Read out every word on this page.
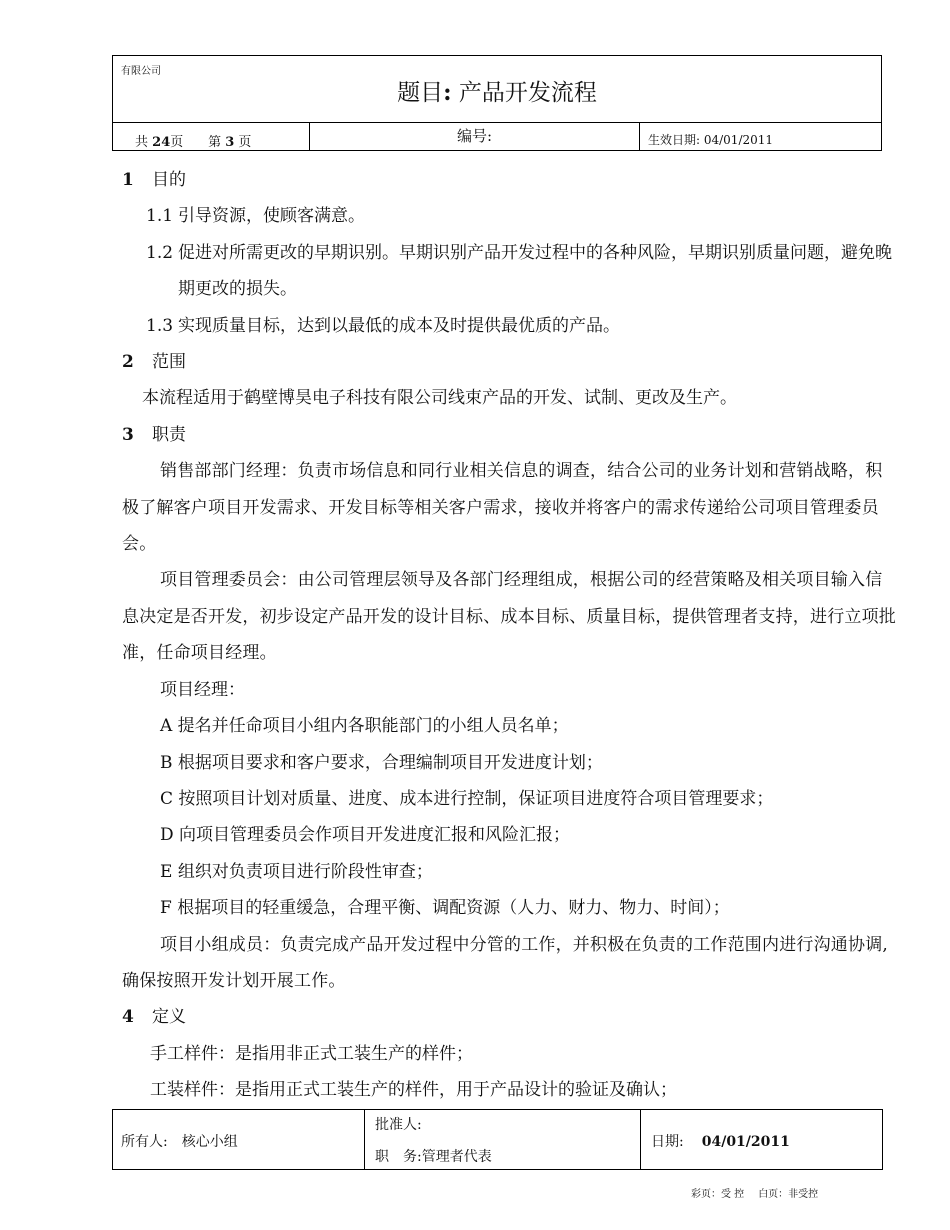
有限公司
题目: 产品开发流程
共 24页 第 3 页	编号:	生效日期: 04/01/2011

1 目的

1.1 引导资源，使顾客满意。

1.2 促进对所需更改的早期识别。早期识别产品开发过程中的各种风险，早期识别质量问题，避免晚期更改的损失。

1.3 实现质量目标，达到以最低的成本及时提供最优质的产品。

2 范围

本流程适用于鹤壁博昊电子科技有限公司线束产品的开发、试制、更改及生产。

3 职责

销售部部门经理：负责市场信息和同行业相关信息的调查，结合公司的业务计划和营销战略，积极了解客户项目开发需求、开发目标等相关客户需求，接收并将客户的需求传递给公司项目管理委员会。

项目管理委员会：由公司管理层领导及各部门经理组成，根据公司的经营策略及相关项目输入信息决定是否开发，初步设定产品开发的设计目标、成本目标、质量目标，提供管理者支持，进行立项批准，任命项目经理。

项目经理：

A 提名并任命项目小组内各职能部门的小组人员名单；

B 根据项目要求和客户要求，合理编制项目开发进度计划；

C 按照项目计划对质量、进度、成本进行控制，保证项目进度符合项目管理要求；

D 向项目管理委员会作项目开发进度汇报和风险汇报；

E 组织对负责项目进行阶段性审查；

F 根据项目的轻重缓急，合理平衡、调配资源（人力、财力、物力、时间）；

项目小组成员：负责完成产品开发过程中分管的工作，并积极在负责的工作范围内进行沟通协调,确保按照开发计划开展工作。

4 定义

手工样件：是指用非正式工装生产的样件；

工装样件：是指用正式工装生产的样件，用于产品设计的验证及确认；

所有人: 核心小组
批准人:
职务:管理者代表
日期: 04/01/2011
彩页：受 控 白页：非受控
